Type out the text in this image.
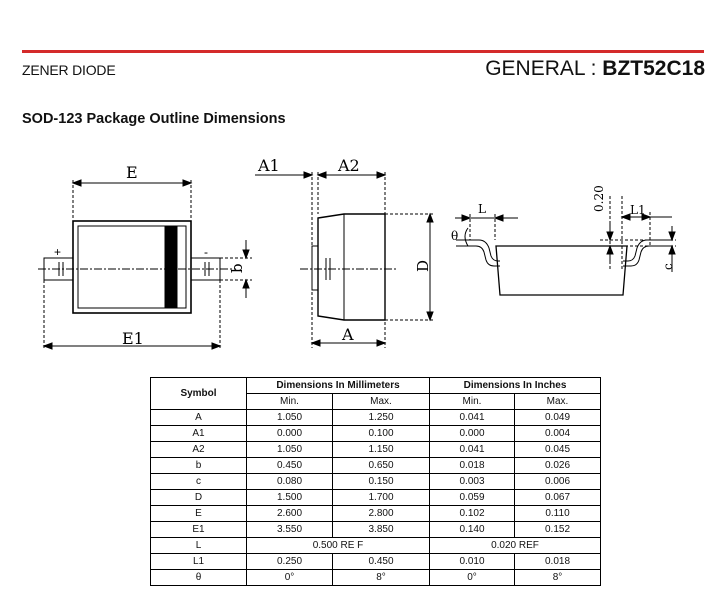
ZENER DIODE	GENERAL : BZT52C18
SOD-123 Package Outline Dimensions
E
E1
b
+	-
A1	A2
A
D
L	L1
0.20
θ
c
Symbol	Dimensions In Millimeters		Dimensions In Inches	
	Min.	Max.	Min.	Max.
A	1.050	1.250	0.041	0.049
A1	0.000	0.100	0.000	0.004
A2	1.050	1.150	0.041	0.045
b	0.450	0.650	0.018	0.026
c	0.080	0.150	0.003	0.006
D	1.500	1.700	0.059	0.067
E	2.600	2.800	0.102	0.110
E1	3.550	3.850	0.140	0.152
L	0.500 RE F		0.020 REF	
L1	0.250	0.450	0.010	0.018
θ	0°	8°	0°	8°
